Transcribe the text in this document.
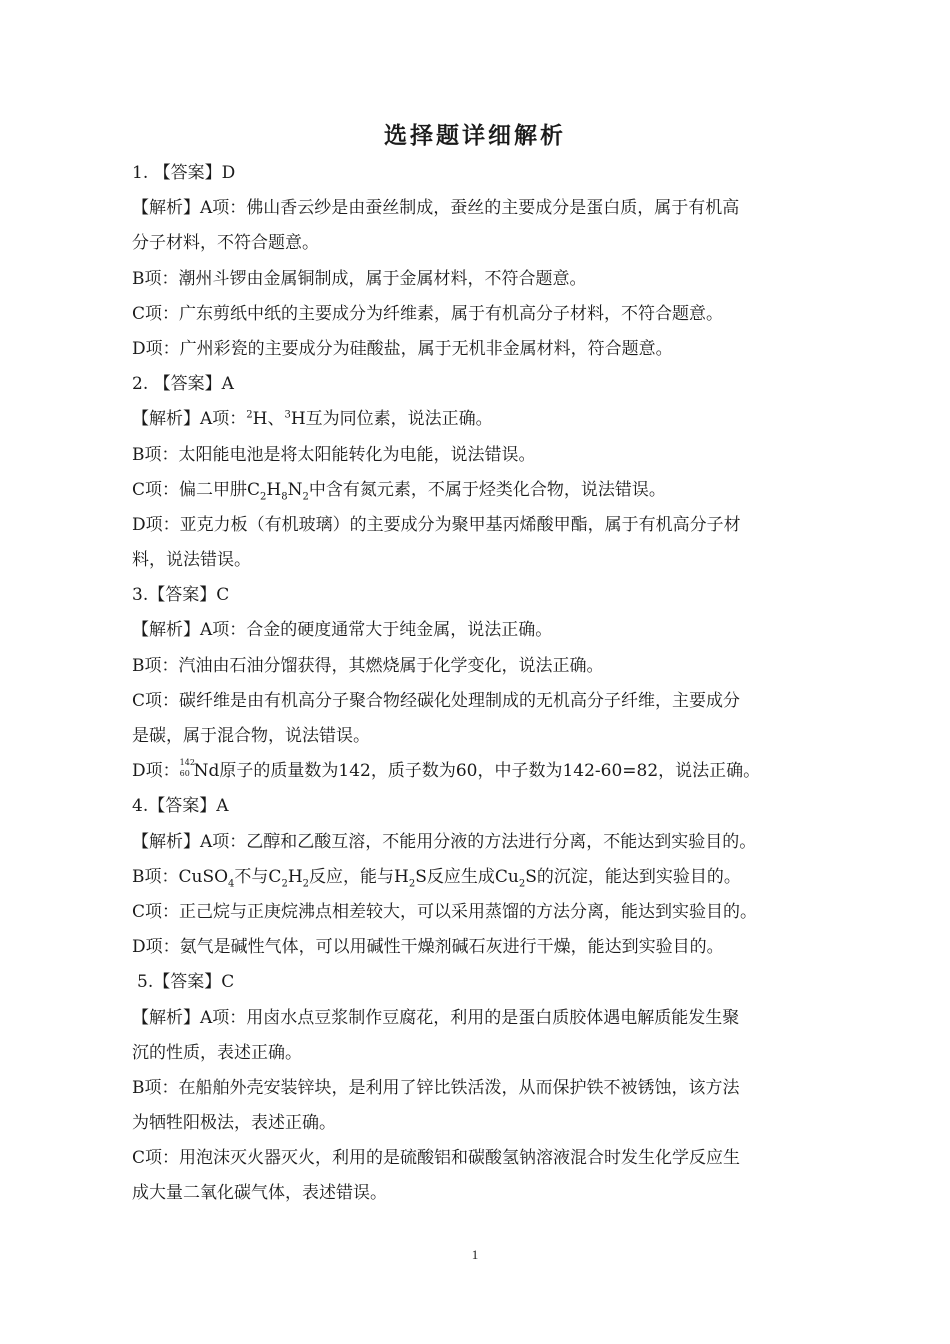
选择题详细解析
1. 【答案】D
【解析】A项：佛山香云纱是由蚕丝制成，蚕丝的主要成分是蛋白质，属于有机高
分子材料，不符合题意。
B项：潮州斗锣由金属铜制成，属于金属材料，不符合题意。
C项：广东剪纸中纸的主要成分为纤维素，属于有机高分子材料，不符合题意。
D项：广州彩瓷的主要成分为硅酸盐，属于无机非金属材料，符合题意。
2. 【答案】A
【解析】A项：$^2$H、$^3$H互为同位素，说法正确。
B项：太阳能电池是将太阳能转化为电能，说法错误。
C项：偏二甲肼$C_2H_8N_2$中含有氮元素，不属于烃类化合物，说法错误。
D项：亚克力板（有机玻璃）的主要成分为聚甲基丙烯酸甲酯，属于有机高分子材
料，说法错误。
3.【答案】C
【解析】A项：合金的硬度通常大于纯金属，说法正确。
B项：汽油由石油分馏获得，其燃烧属于化学变化，说法正确。
C项：碳纤维是由有机高分子聚合物经碳化处理制成的无机高分子纤维，主要成分
是碳，属于混合物，说法错误。
D项： 142
60 Nd原子的质量数为142，质子数为60，中子数为142-60=82，说法正确。
4.【答案】A
【解析】A项：乙醇和乙酸互溶，不能用分液的方法进行分离，不能达到实验目的。
B项：CuSO$_4$不与$C_2H_2$反应，能与$H_2S$反应生成$Cu_2S$的沉淀，能达到实验目的。
C项：正己烷与正庚烷沸点相差较大，可以采用蒸馏的方法分离，能达到实验目的。
D项：氨气是碱性气体，可以用碱性干燥剂碱石灰进行干燥，能达到实验目的。
5.【答案】C
【解析】A项：用卤水点豆浆制作豆腐花，利用的是蛋白质胶体遇电解质能发生聚
沉的性质，表述正确。
B项：在船舶外壳安装锌块，是利用了锌比铁活泼，从而保护铁不被锈蚀，该方法
为牺牲阳极法，表述正确。
C项：用泡沫灭火器灭火，利用的是硫酸铝和碳酸氢钠溶液混合时发生化学反应生
成大量二氧化碳气体，表述错误。
1
